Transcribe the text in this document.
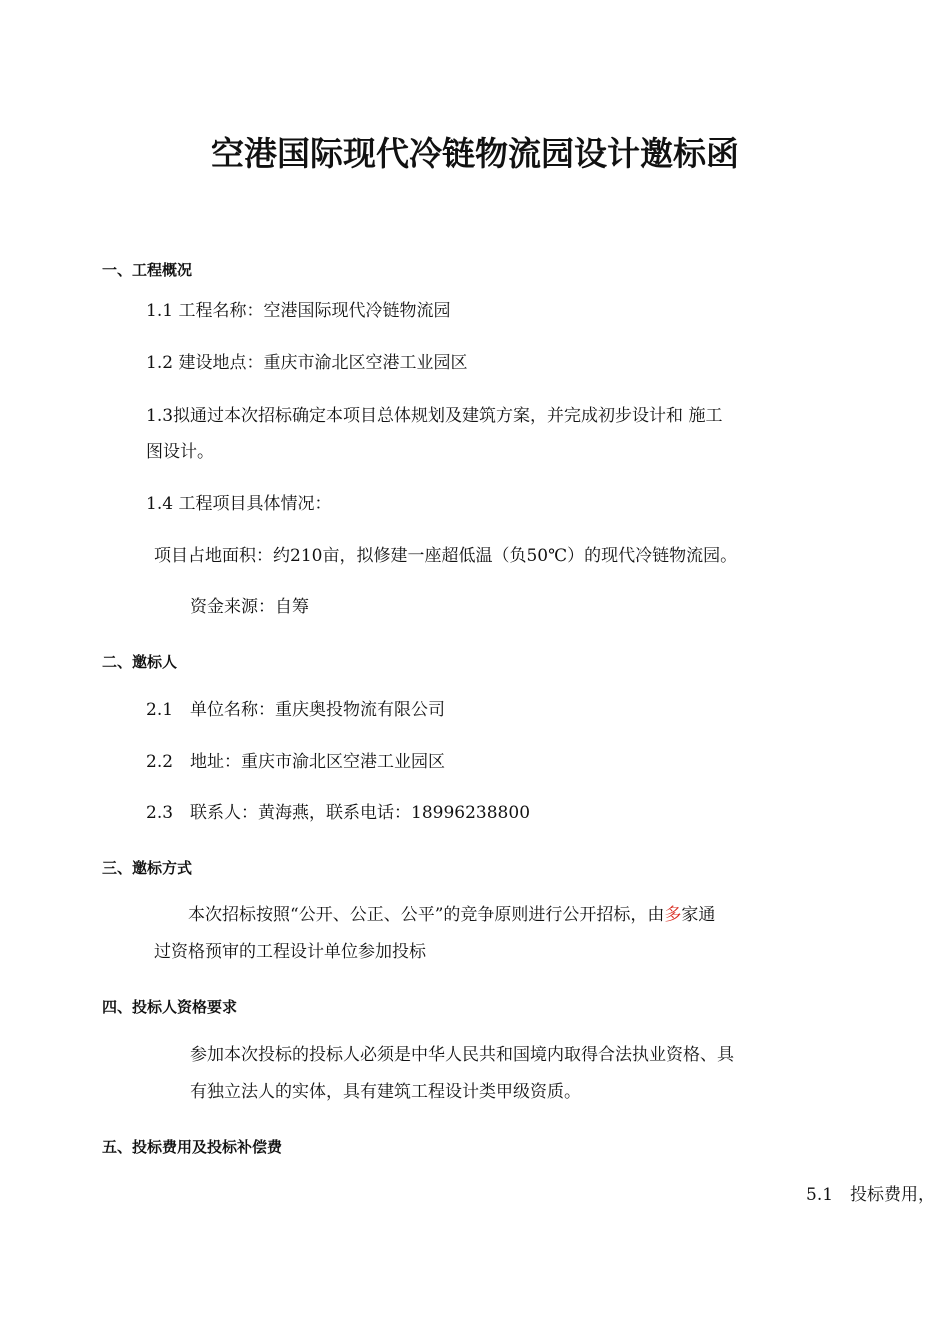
空港国际现代冷链物流园设计邀标函
一、工程概况
1.1 工程名称：空港国际现代冷链物流园
1.2 建设地点：重庆市渝北区空港工业园区
1.3拟通过本次招标确定本项目总体规划及建筑方案，并完成初步设计和 施工
图设计。
1.4 工程项目具体情况：
项目占地面积：约210亩，拟修建一座超低温（负50℃）的现代冷链物流园。
资金来源：自筹
二、邀标人
2.1　单位名称：重庆奥投物流有限公司
2.2　地址：重庆市渝北区空港工业园区
2.3　联系人：黄海燕，联系电话：18996238800
三、邀标方式
本次招标按照“公开、公正、公平”的竞争原则进行公开招标，由多家通
过资格预审的工程设计单位参加投标
四、投标人资格要求
参加本次投标的投标人必须是中华人民共和国境内取得合法执业资格、具
有独立法人的实体，具有建筑工程设计类甲级资质。
五、投标费用及投标补偿费
5.1　投标费用，
